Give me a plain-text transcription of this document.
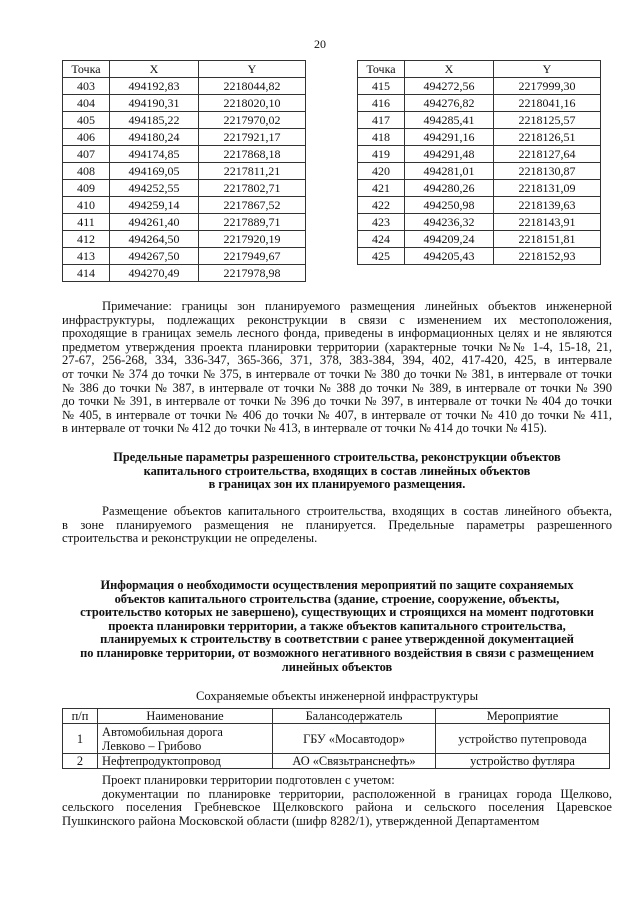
20
Точка	X	Y
403	494192,83	2218044,82
404	494190,31	2218020,10
405	494185,22	2217970,02
406	494180,24	2217921,17
407	494174,85	2217868,18
408	494169,05	2217811,21
409	494252,55	2217802,71
410	494259,14	2217867,52
411	494261,40	2217889,71
412	494264,50	2217920,19
413	494267,50	2217949,67
414	494270,49	2217978,98
Точка	X	Y
415	494272,56	2217999,30
416	494276,82	2218041,16
417	494285,41	2218125,57
418	494291,16	2218126,51
419	494291,48	2218127,64
420	494281,01	2218130,87
421	494280,26	2218131,09
422	494250,98	2218139,63
423	494236,32	2218143,91
424	494209,24	2218151,81
425	494205,43	2218152,93
Примечание: границы зон планируемого размещения линейных объектов инженерной
инфраструктуры, подлежащих реконструкции в связи с изменением их местоположения,
проходящие в границах земель лесного фонда, приведены в информационных целях и не являются
предметом утверждения проекта планировки территории (характерные точки №№ 1-4, 15-18, 21,
27-67, 256-268, 334, 336-347, 365-366, 371, 378, 383-384, 394, 402, 417-420, 425, в интервале
от точки № 374 до точки № 375, в интервале от точки № 380 до точки № 381, в интервале от точки
№ 386 до точки № 387, в интервале от точки № 388 до точки № 389, в интервале от точки № 390
до точки № 391, в интервале от точки № 396 до точки № 397, в интервале от точки № 404 до точки
№ 405, в интервале от точки № 406 до точки № 407, в интервале от точки № 410 до точки № 411,
в интервале от точки № 412 до точки № 413, в интервале от точки № 414 до точки № 415).
Предельные параметры разрешенного строительства, реконструкции объектов
капитального строительства, входящих в состав линейных объектов
в границах зон их планируемого размещения.
Размещение объектов капитального строительства, входящих в состав линейного объекта,
в зоне планируемого размещения не планируется. Предельные параметры разрешенного
строительства и реконструкции не определены.
Информация о необходимости осуществления мероприятий по защите сохраняемых
объектов капитального строительства (здание, строение, сооружение, объекты,
строительство которых не завершено), существующих и строящихся на момент подготовки
проекта планировки территории, а также объектов капитального строительства,
планируемых к строительству в соответствии с ранее утвержденной документацией
по планировке территории, от возможного негативного воздействия в связи с размещением
линейных объектов
Сохраняемые объекты инженерной инфраструктуры
п/п	Наименование	Балансодержатель	Мероприятие
1	Автомобильная дорога Левково – Грибово	ГБУ «Мосавтодор»	устройство путепровода
2	Нефтепродуктопровод	АО «Связьтранснефть»	устройство футляра
Проект планировки территории подготовлен с учетом:
документации по планировке территории, расположенной в границах города Щелково,
сельского поселения Гребневское Щелковского района и сельского поселения Царевское
Пушкинского района Московской области (шифр 8282/1), утвержденной Департаментом
